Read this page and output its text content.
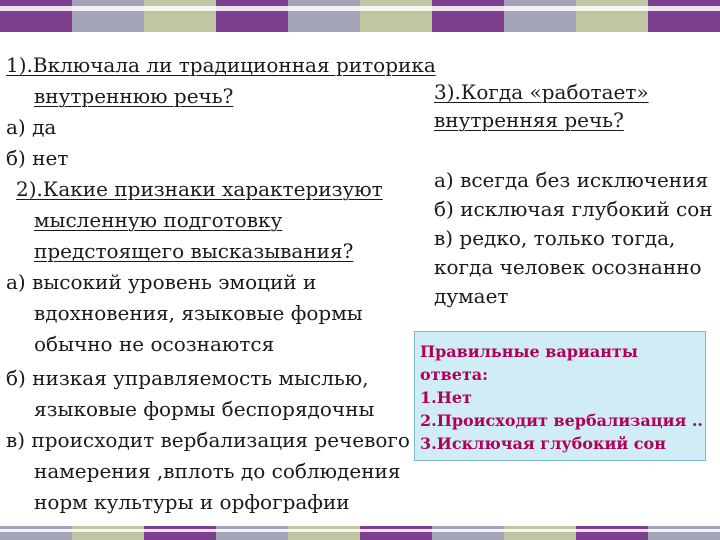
1).Включала ли традиционная риторика
внутреннюю речь?
а) да
б) нет
2).Какие признаки характеризуют
мысленную подготовку
предстоящего высказывания?
а) высокий уровень эмоций и
вдохновения, языковые формы
обычно не осознаются
б) низкая управляемость мыслью,
языковые формы беспорядочны
в) происходит вербализация речевого
намерения ,вплоть до соблюдения
норм культуры и орфографии
3).Когда «работает»
внутренняя речь?
а) всегда без исключения
б) исключая глубокий сон
в) редко, только тогда,
когда человек осознанно
думает
Правильные варианты
ответа:
1.Нет
2.Происходит вербализация ..
3.Исключая глубокий сон
